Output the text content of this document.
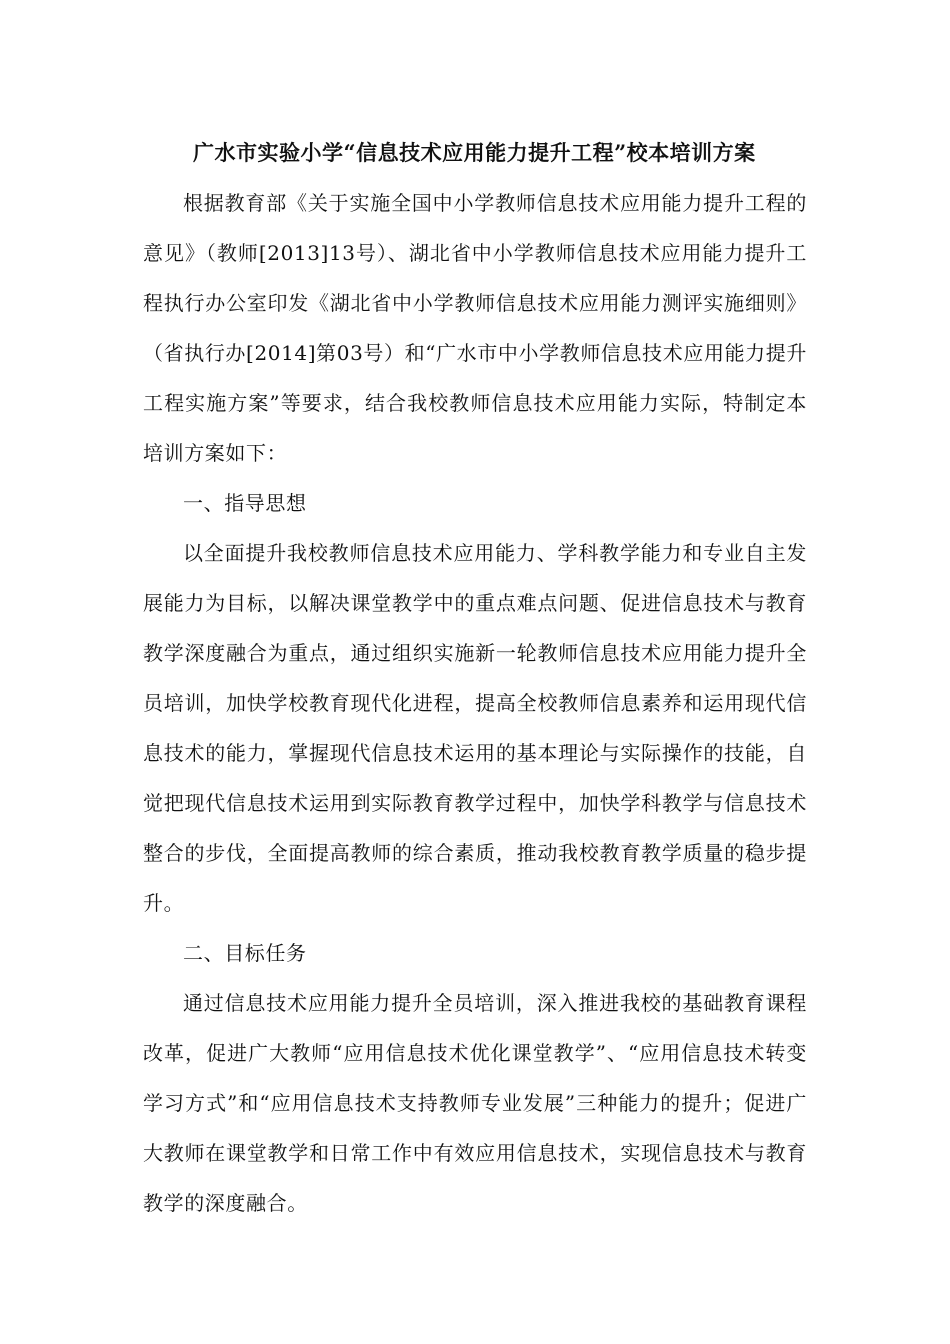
广水市实验小学“信息技术应用能力提升工程”校本培训方案

根据教育部《关于实施全国中小学教师信息技术应用能力提升工程的意见》（教师[2013]13号）、湖北省中小学教师信息技术应用能力提升工程执行办公室印发《湖北省中小学教师信息技术应用能力测评实施细则》（省执行办[2014]第03号）和“广水市中小学教师信息技术应用能力提升工程实施方案”等要求，结合我校教师信息技术应用能力实际，特制定本培训方案如下：

一、指导思想

以全面提升我校教师信息技术应用能力、学科教学能力和专业自主发展能力为目标，以解决课堂教学中的重点难点问题、促进信息技术与教育教学深度融合为重点，通过组织实施新一轮教师信息技术应用能力提升全员培训，加快学校教育现代化进程，提高全校教师信息素养和运用现代信息技术的能力，掌握现代信息技术运用的基本理论与实际操作的技能，自觉把现代信息技术运用到实际教育教学过程中，加快学科教学与信息技术整合的步伐，全面提高教师的综合素质，推动我校教育教学质量的稳步提升。

二、目标任务

通过信息技术应用能力提升全员培训，深入推进我校的基础教育课程改革，促进广大教师“应用信息技术优化课堂教学”、“应用信息技术转变学习方式”和“应用信息技术支持教师专业发展”三种能力的提升；促进广大教师在课堂教学和日常工作中有效应用信息技术，实现信息技术与教育教学的深度融合。
